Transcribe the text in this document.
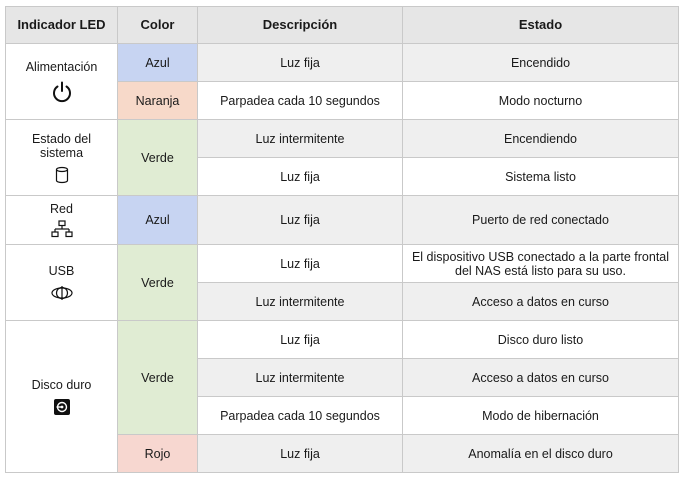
Indicador LED	Color	Descripción	Estado

Alimentación	Azul	Luz fija	Encendido
	Naranja	Parpadea cada 10 segundos	Modo nocturno

Estado del sistema	Verde	Luz intermitente	Encendiendo
		Luz fija	Sistema listo

Red	Azul	Luz fija	Puerto de red conectado

USB	Verde	Luz fija	El dispositivo USB conectado a la parte frontal del NAS está listo para su uso.
		Luz intermitente	Acceso a datos en curso

Disco duro	Verde	Luz fija	Disco duro listo
		Luz intermitente	Acceso a datos en curso
		Parpadea cada 10 segundos	Modo de hibernación
	Rojo	Luz fija	Anomalía en el disco duro
